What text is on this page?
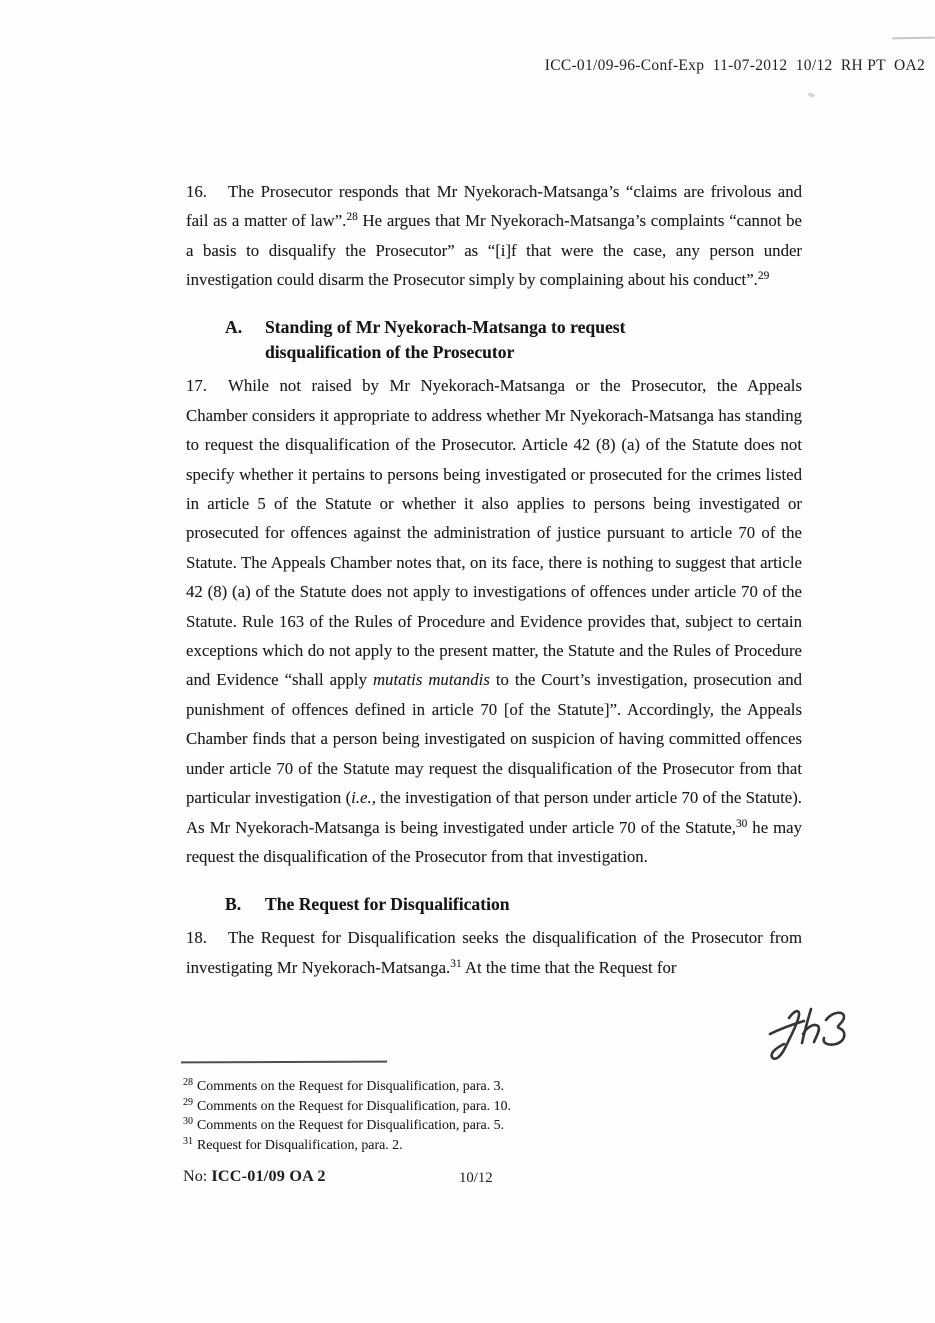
ICC-01/09-96-Conf-Exp  11-07-2012  10/12  RH PT  OA2

16. The Prosecutor responds that Mr Nyekorach-Matsanga’s “claims are frivolous and fail as a matter of law”.$^{28}$ He argues that Mr Nyekorach-Matsanga’s complaints “cannot be a basis to disqualify the Prosecutor” as “[i]f that were the case, any person under investigation could disarm the Prosecutor simply by complaining about his conduct”.$^{29}$

A.	Standing of Mr Nyekorach-Matsanga to request disqualification of the Prosecutor

17. While not raised by Mr Nyekorach-Matsanga or the Prosecutor, the Appeals Chamber considers it appropriate to address whether Mr Nyekorach-Matsanga has standing to request the disqualification of the Prosecutor. Article 42 (8) (a) of the Statute does not specify whether it pertains to persons being investigated or prosecuted for the crimes listed in article 5 of the Statute or whether it also applies to persons being investigated or prosecuted for offences against the administration of justice pursuant to article 70 of the Statute. The Appeals Chamber notes that, on its face, there is nothing to suggest that article 42 (8) (a) of the Statute does not apply to investigations of offences under article 70 of the Statute. Rule 163 of the Rules of Procedure and Evidence provides that, subject to certain exceptions which do not apply to the present matter, the Statute and the Rules of Procedure and Evidence “shall apply mutatis mutandis to the Court’s investigation, prosecution and punishment of offences defined in article 70 [of the Statute]”. Accordingly, the Appeals Chamber finds that a person being investigated on suspicion of having committed offences under article 70 of the Statute may request the disqualification of the Prosecutor from that particular investigation (i.e., the investigation of that person under article 70 of the Statute). As Mr Nyekorach-Matsanga is being investigated under article 70 of the Statute,$^{30}$ he may request the disqualification of the Prosecutor from that investigation.

B.	The Request for Disqualification

18. The Request for Disqualification seeks the disqualification of the Prosecutor from investigating Mr Nyekorach-Matsanga.$^{31}$ At the time that the Request for

$^{28}$ Comments on the Request for Disqualification, para. 3.
$^{29}$ Comments on the Request for Disqualification, para. 10.
$^{30}$ Comments on the Request for Disqualification, para. 5.
$^{31}$ Request for Disqualification, para. 2.
No: ICC-01/09 OA 2	10/12
